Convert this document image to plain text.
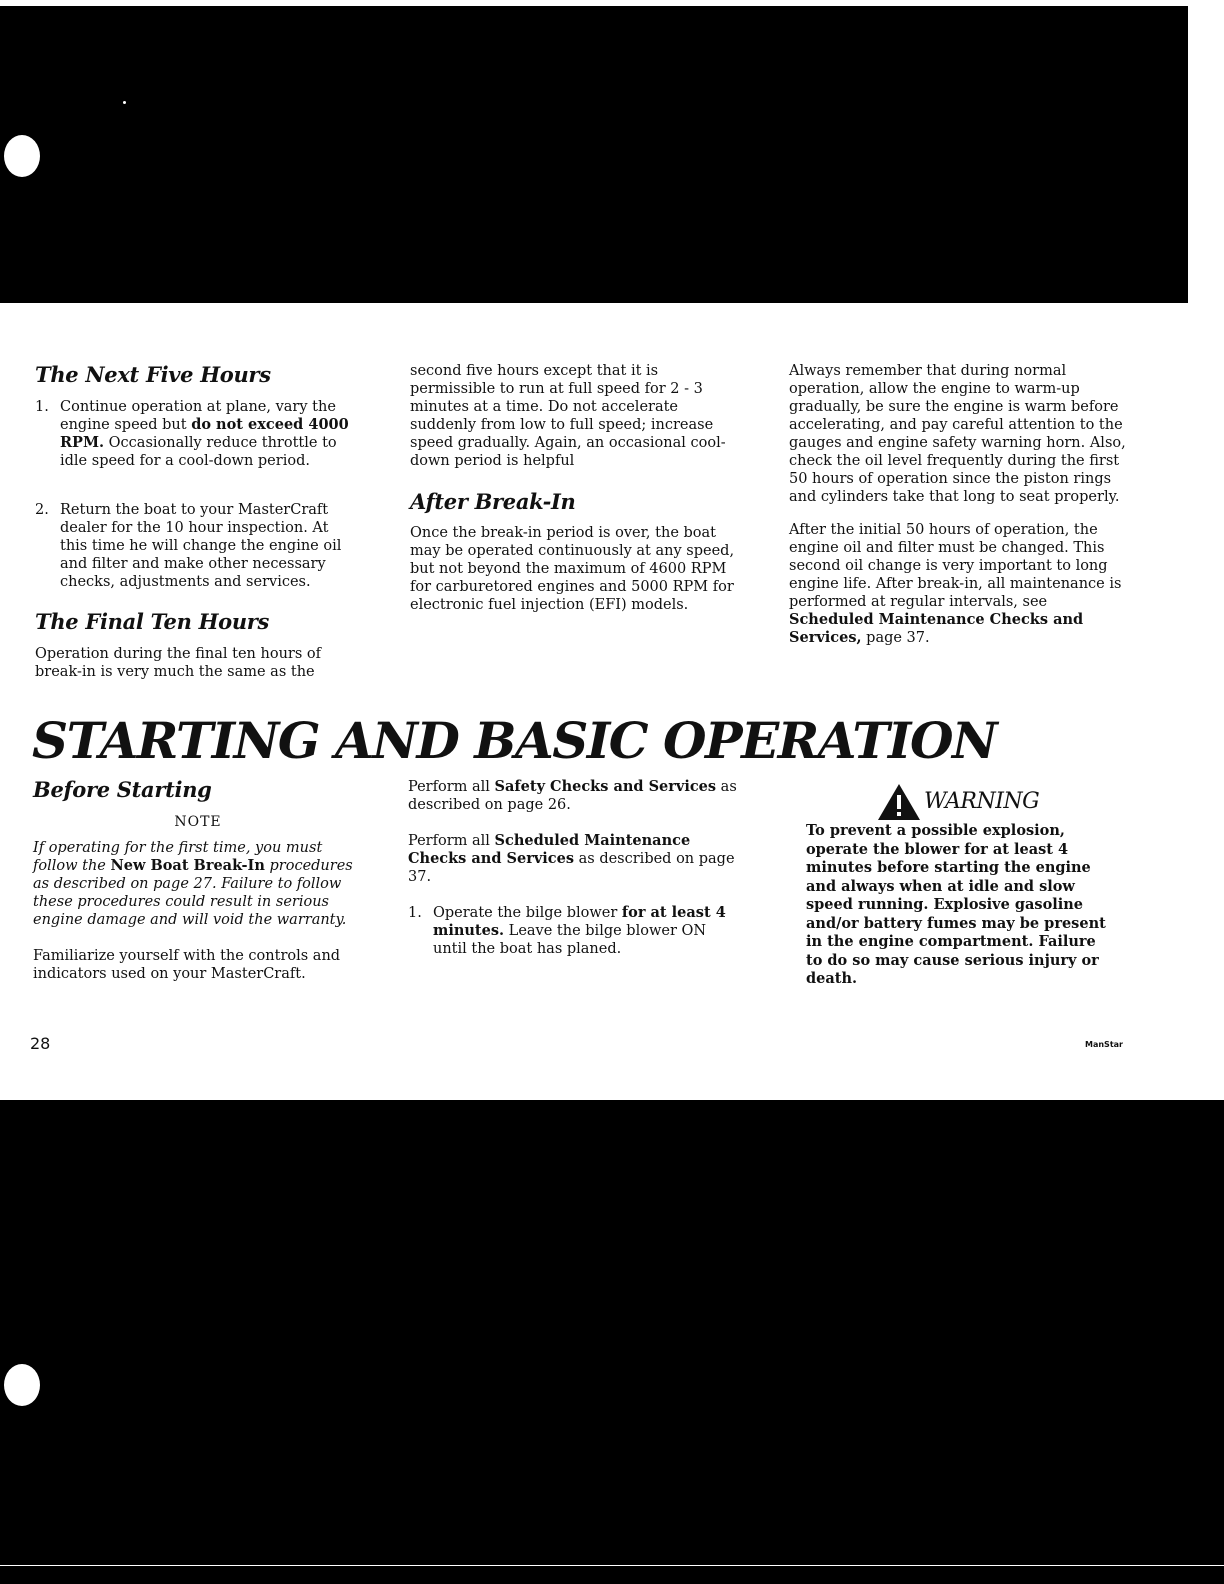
The Next Five Hours
1. Continue operation at plane, vary the engine speed but do not exceed 4000 RPM. Occasionally reduce throttle to idle speed for a cool-down period.
2. Return the boat to your MasterCraft dealer for the 10 hour inspection. At this time he will change the engine oil and filter and make other necessary checks, adjustments and services.
The Final Ten Hours

Operation during the final ten hours of break-in is very much the same as the

second five hours except that it is permissible to run at full speed for 2 - 3 minutes at a time. Do not accelerate suddenly from low to full speed; increase speed gradually. Again, an occasional cool-down period is helpful

After Break-In

Once the break-in period is over, the boat may be operated continuously at any speed, but not beyond the maximum of 4600 RPM for carburetored engines and 5000 RPM for electronic fuel injection (EFI) models.

Always remember that during normal operation, allow the engine to warm-up gradually, be sure the engine is warm before accelerating, and pay careful attention to the gauges and engine safety warning horn. Also, check the oil level frequently during the first 50 hours of operation since the piston rings and cylinders take that long to seat properly.

After the initial 50 hours of operation, the engine oil and filter must be changed. This second oil change is very important to long engine life. After break-in, all maintenance is performed at regular intervals, see Scheduled Maintenance Checks and Services, page 37.

STARTING AND BASIC OPERATION
Before Starting
NOTE

If operating for the first time, you must follow the New Boat Break-In procedures as described on page 27. Failure to follow these procedures could result in serious engine damage and will void the warranty.

Familiarize yourself with the controls and indicators used on your MasterCraft.

Perform all Safety Checks and Services as described on page 26.

Perform all Scheduled Maintenance Checks and Services as described on page 37.

1. Operate the bilge blower for at least 4 minutes. Leave the bilge blower ON until the boat has planed.
WARNING

To prevent a possible explosion, operate the blower for at least 4 minutes before starting the engine and always when at idle and slow speed running. Explosive gasoline and/or battery fumes may be present in the engine compartment. Failure to do so may cause serious injury or death.

28	ManStar
